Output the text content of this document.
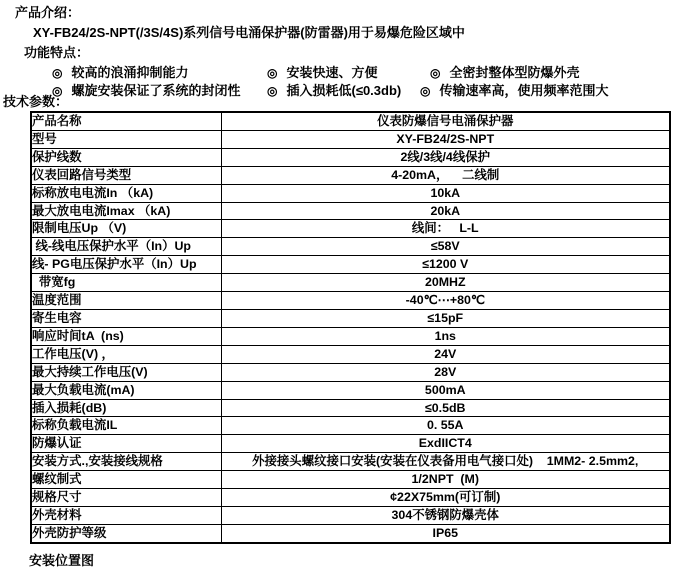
产品介绍：
XY-FB24/2S-NPT(/3S/4S)系列信号电涌保护器(防雷器)用于易爆危险区域中
功能特点：
◎ 较高的浪涌抑制能力	◎ 安装快速、方便	◎ 全密封整体型防爆外壳
◎ 螺旋安装保证了系统的封闭性 ◎ 插入损耗低(≤0.3db) ◎ 传输速率高，使用频率范围大
技术参数：
产品名称	仪表防爆信号电涌保护器
型号	XY-FB24/2S-NPT
保护线数	2线/3线/4线保护
仪表回路信号类型	4-20mA，    二线制
标称放电电流In （kA)	10kA
最大放电电流Imax （kA)	20kA
限制电压Up （V)	线间：   L-L
线-线电压保护水平（In）Up	≤58V
线- PG电压保护水平（In）Up	≤1200 V
带宽fg	20MHZ
温度范围	-40℃⋯+80℃
寄生电容	≤15pF
响应时间tA  (ns)	1ns
工作电压(V) ，	24V
最大持续工作电压(V)	28V
最大负载电流(mA)	500mA
插入损耗(dB)	≤0.5dB
标称负载电流IL	0. 55A
防爆认证	ExdIICT4
安装方式.,安装接线规格	外接接头螺纹接口安装(安装在仪表备用电气接口处)    1MM2- 2.5mm2,
螺纹制式	1/2NPT  (M)
规格尺寸	¢22X75mm(可订制)
外壳材料	304不锈钢防爆壳体
外壳防护等级	IP65
安装位置图
